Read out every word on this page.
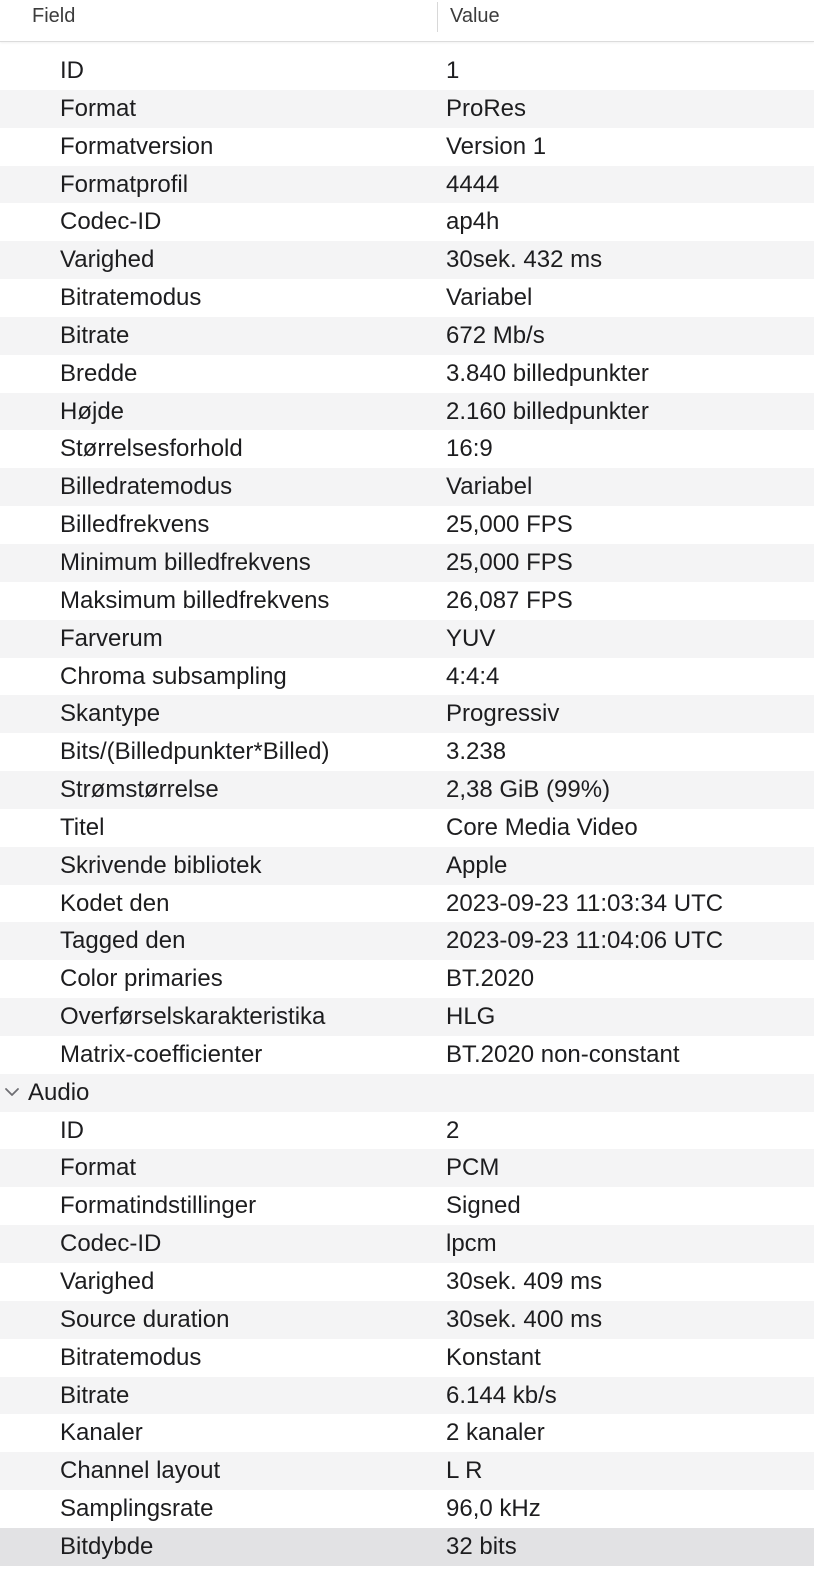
Field	Value
ID	1
Format	ProRes
Formatversion	Version 1
Formatprofil	4444
Codec-ID	ap4h
Varighed	30sek. 432 ms
Bitratemodus	Variabel
Bitrate	672 Mb/s
Bredde	3.840 billedpunkter
Højde	2.160 billedpunkter
Størrelsesforhold	16:9
Billedratemodus	Variabel
Billedfrekvens	25,000 FPS
Minimum billedfrekvens	25,000 FPS
Maksimum billedfrekvens	26,087 FPS
Farverum	YUV
Chroma subsampling	4:4:4
Skantype	Progressiv
Bits/(Billedpunkter*Billed)	3.238
Strømstørrelse	2,38 GiB (99%)
Titel	Core Media Video
Skrivende bibliotek	Apple
Kodet den	2023-09-23 11:03:34 UTC
Tagged den	2023-09-23 11:04:06 UTC
Color primaries	BT.2020
Overførselskarakteristika	HLG
Matrix-coefficienter	BT.2020 non-constant
Audio
ID	2
Format	PCM
Formatindstillinger	Signed
Codec-ID	lpcm
Varighed	30sek. 409 ms
Source duration	30sek. 400 ms
Bitratemodus	Konstant
Bitrate	6.144 kb/s
Kanaler	2 kanaler
Channel layout	L R
Samplingsrate	96,0 kHz
Bitdybde	32 bits
